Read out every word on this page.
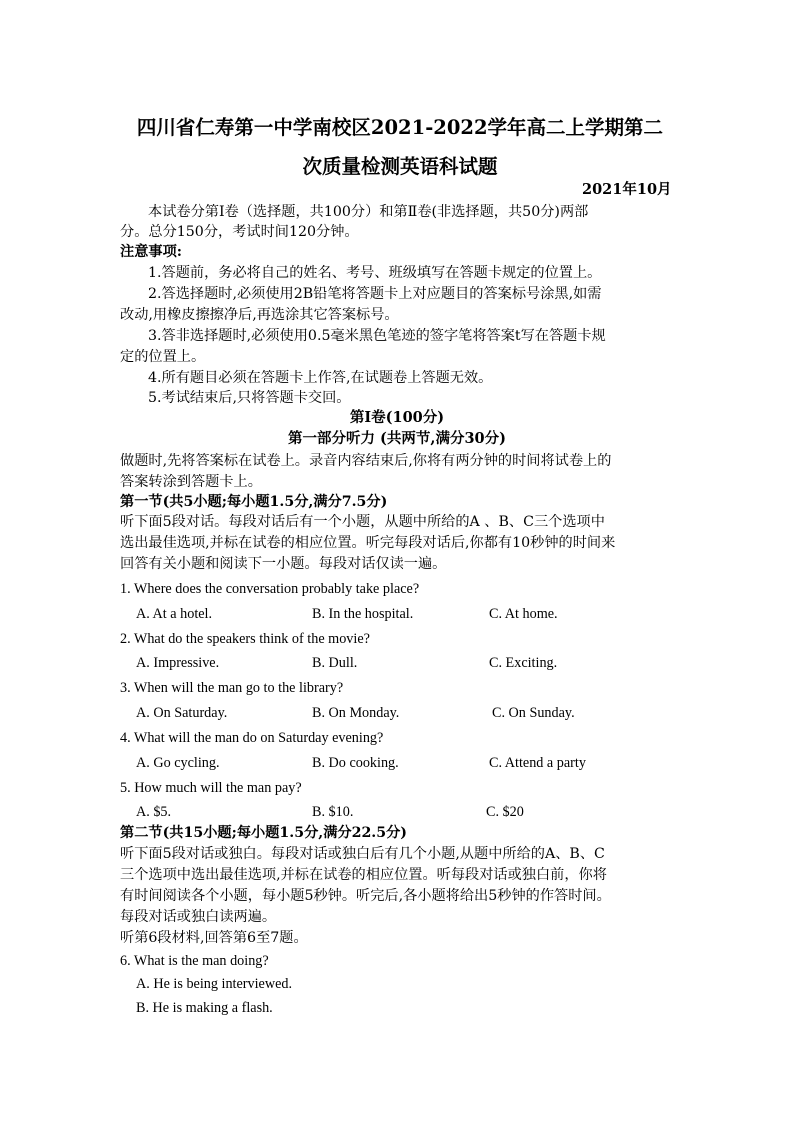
四川省仁寿第一中学南校区2021-2022学年高二上学期第二
次质量检测英语科试题
2021年10月
本试卷分第Ⅰ卷（选择题，共100分）和第Ⅱ卷(非选择题，共50分)两部
分。总分150分，考试时间120分钟。
注意事项:
1.答题前，务必将自己的姓名、考号、班级填写在答题卡规定的位置上。
2.答选择题时,必须使用2B铅笔将答题卡上对应题目的答案标号涂黑,如需
改动,用橡皮擦擦净后,再选涂其它答案标号。
3.答非选择题时,必须使用0.5毫米黑色笔迹的签字笔将答案t写在答题卡规
定的位置上。
4.所有题目必须在答题卡上作答,在试题卷上答题无效。
5.考试结束后,只将答题卡交回。
第Ⅰ卷(100分)
第一部分听力 (共两节,满分30分)
做题时,先将答案标在试卷上。录音内容结束后,你将有两分钟的时间将试卷上的
答案转涂到答题卡上。
第一节(共5小题;每小题1.5分,满分7.5分)
听下面5段对话。每段对话后有一个小题，从题中所给的A 、B、C三个选项中
选出最佳选项,并标在试卷的相应位置。听完每段对话后,你都有10秒钟的时间来
回答有关小题和阅读下一小题。每段对话仅读一遍。
1. Where does the conversation probably take place?
A. At a hotel.	B. In the hospital.	C. At home.
2. What do the speakers think of the movie?
A. Impressive.	B. Dull.	C. Exciting.
3. When will the man go to the library?
A. On Saturday.	B. On Monday.	C. On Sunday.
4. What will the man do on Saturday evening?
A. Go cycling.	B. Do cooking.	C. Attend a party
5. How much will the man pay?
A. $5.	B. $10.	C. $20
第二节(共15小题;每小题1.5分,满分22.5分)
听下面5段对话或独白。每段对话或独白后有几个小题,从题中所给的A、B、C
三个选项中选出最佳选项,并标在试卷的相应位置。听每段对话或独白前，你将
有时间阅读各个小题，每小题5秒钟。听完后,各小题将给出5秒钟的作答时间。
每段对话或独白读两遍。
听第6段材料,回答第6至7题。
6. What is the man doing?
A. He is being interviewed.
B. He is making a flash.
